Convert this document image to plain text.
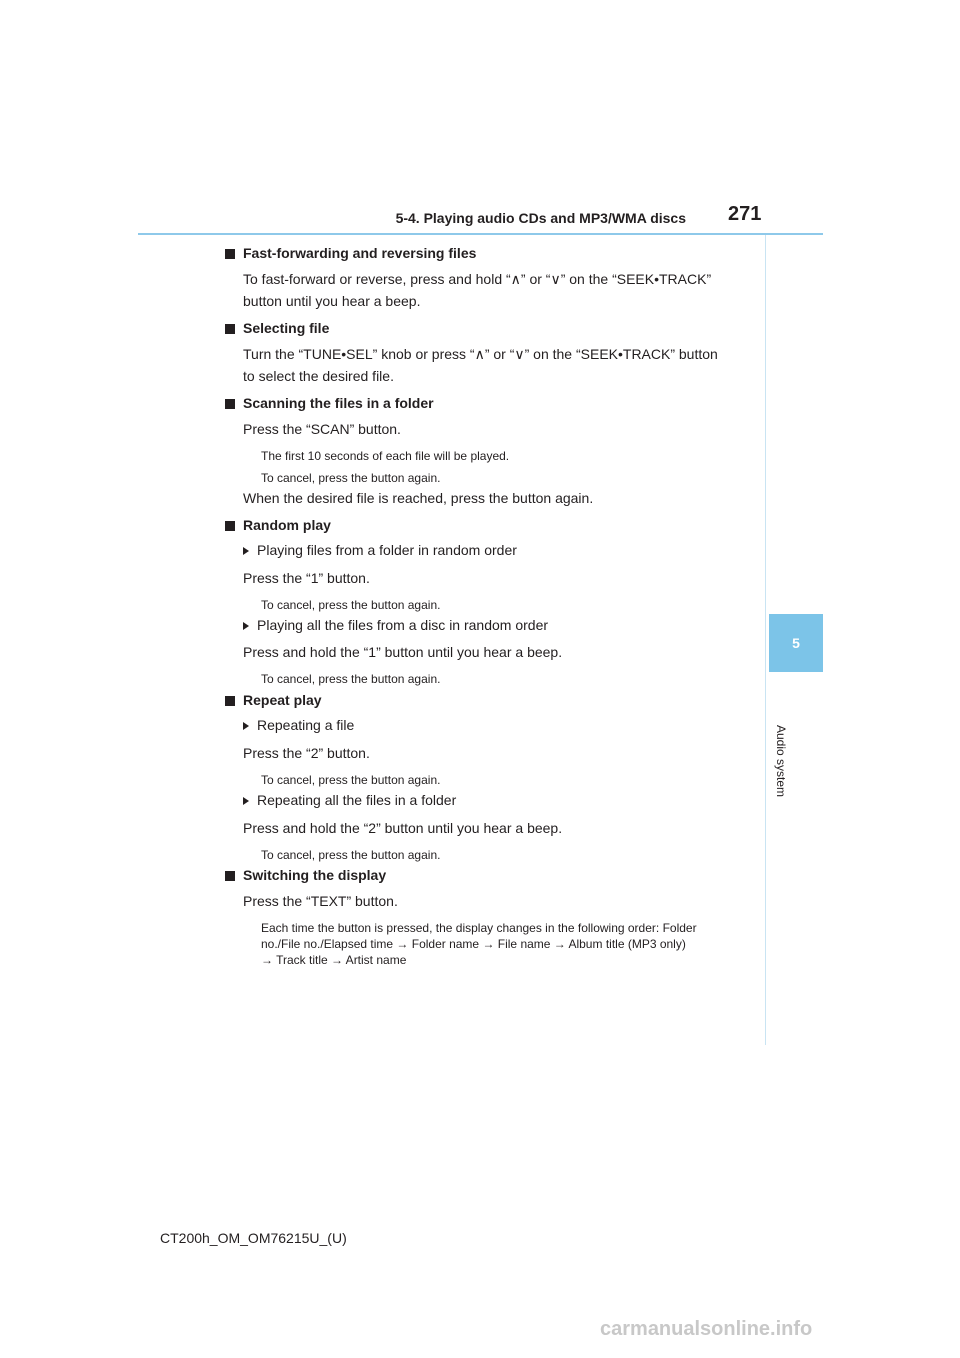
5-4. Playing audio CDs and MP3/WMA discs 271
5
Audio system
Fast-forwarding and reversing files
To fast-forward or reverse, press and hold “∧” or “∨” on the “SEEK•TRACK”
button until you hear a beep.
Selecting file
Turn the “TUNE•SEL” knob or press “∧” or “∨” on the “SEEK•TRACK” button
to select the desired file.
Scanning the files in a folder
Press the “SCAN” button.
The first 10 seconds of each file will be played.
To cancel, press the button again.
When the desired file is reached, press the button again.
Random play
Playing files from a folder in random order
Press the “1” button.
To cancel, press the button again.
Playing all the files from a disc in random order
Press and hold the “1” button until you hear a beep.
To cancel, press the button again.
Repeat play
Repeating a file
Press the “2” button.
To cancel, press the button again.
Repeating all the files in a folder
Press and hold the “2” button until you hear a beep.
To cancel, press the button again.
Switching the display
Press the “TEXT” button.
Each time the button is pressed, the display changes in the following order: Folder
no./File no./Elapsed time → Folder name → File name → Album title (MP3 only)
→ Track title → Artist name
CT200h_OM_OM76215U_(U)
carmanualsonline.info
